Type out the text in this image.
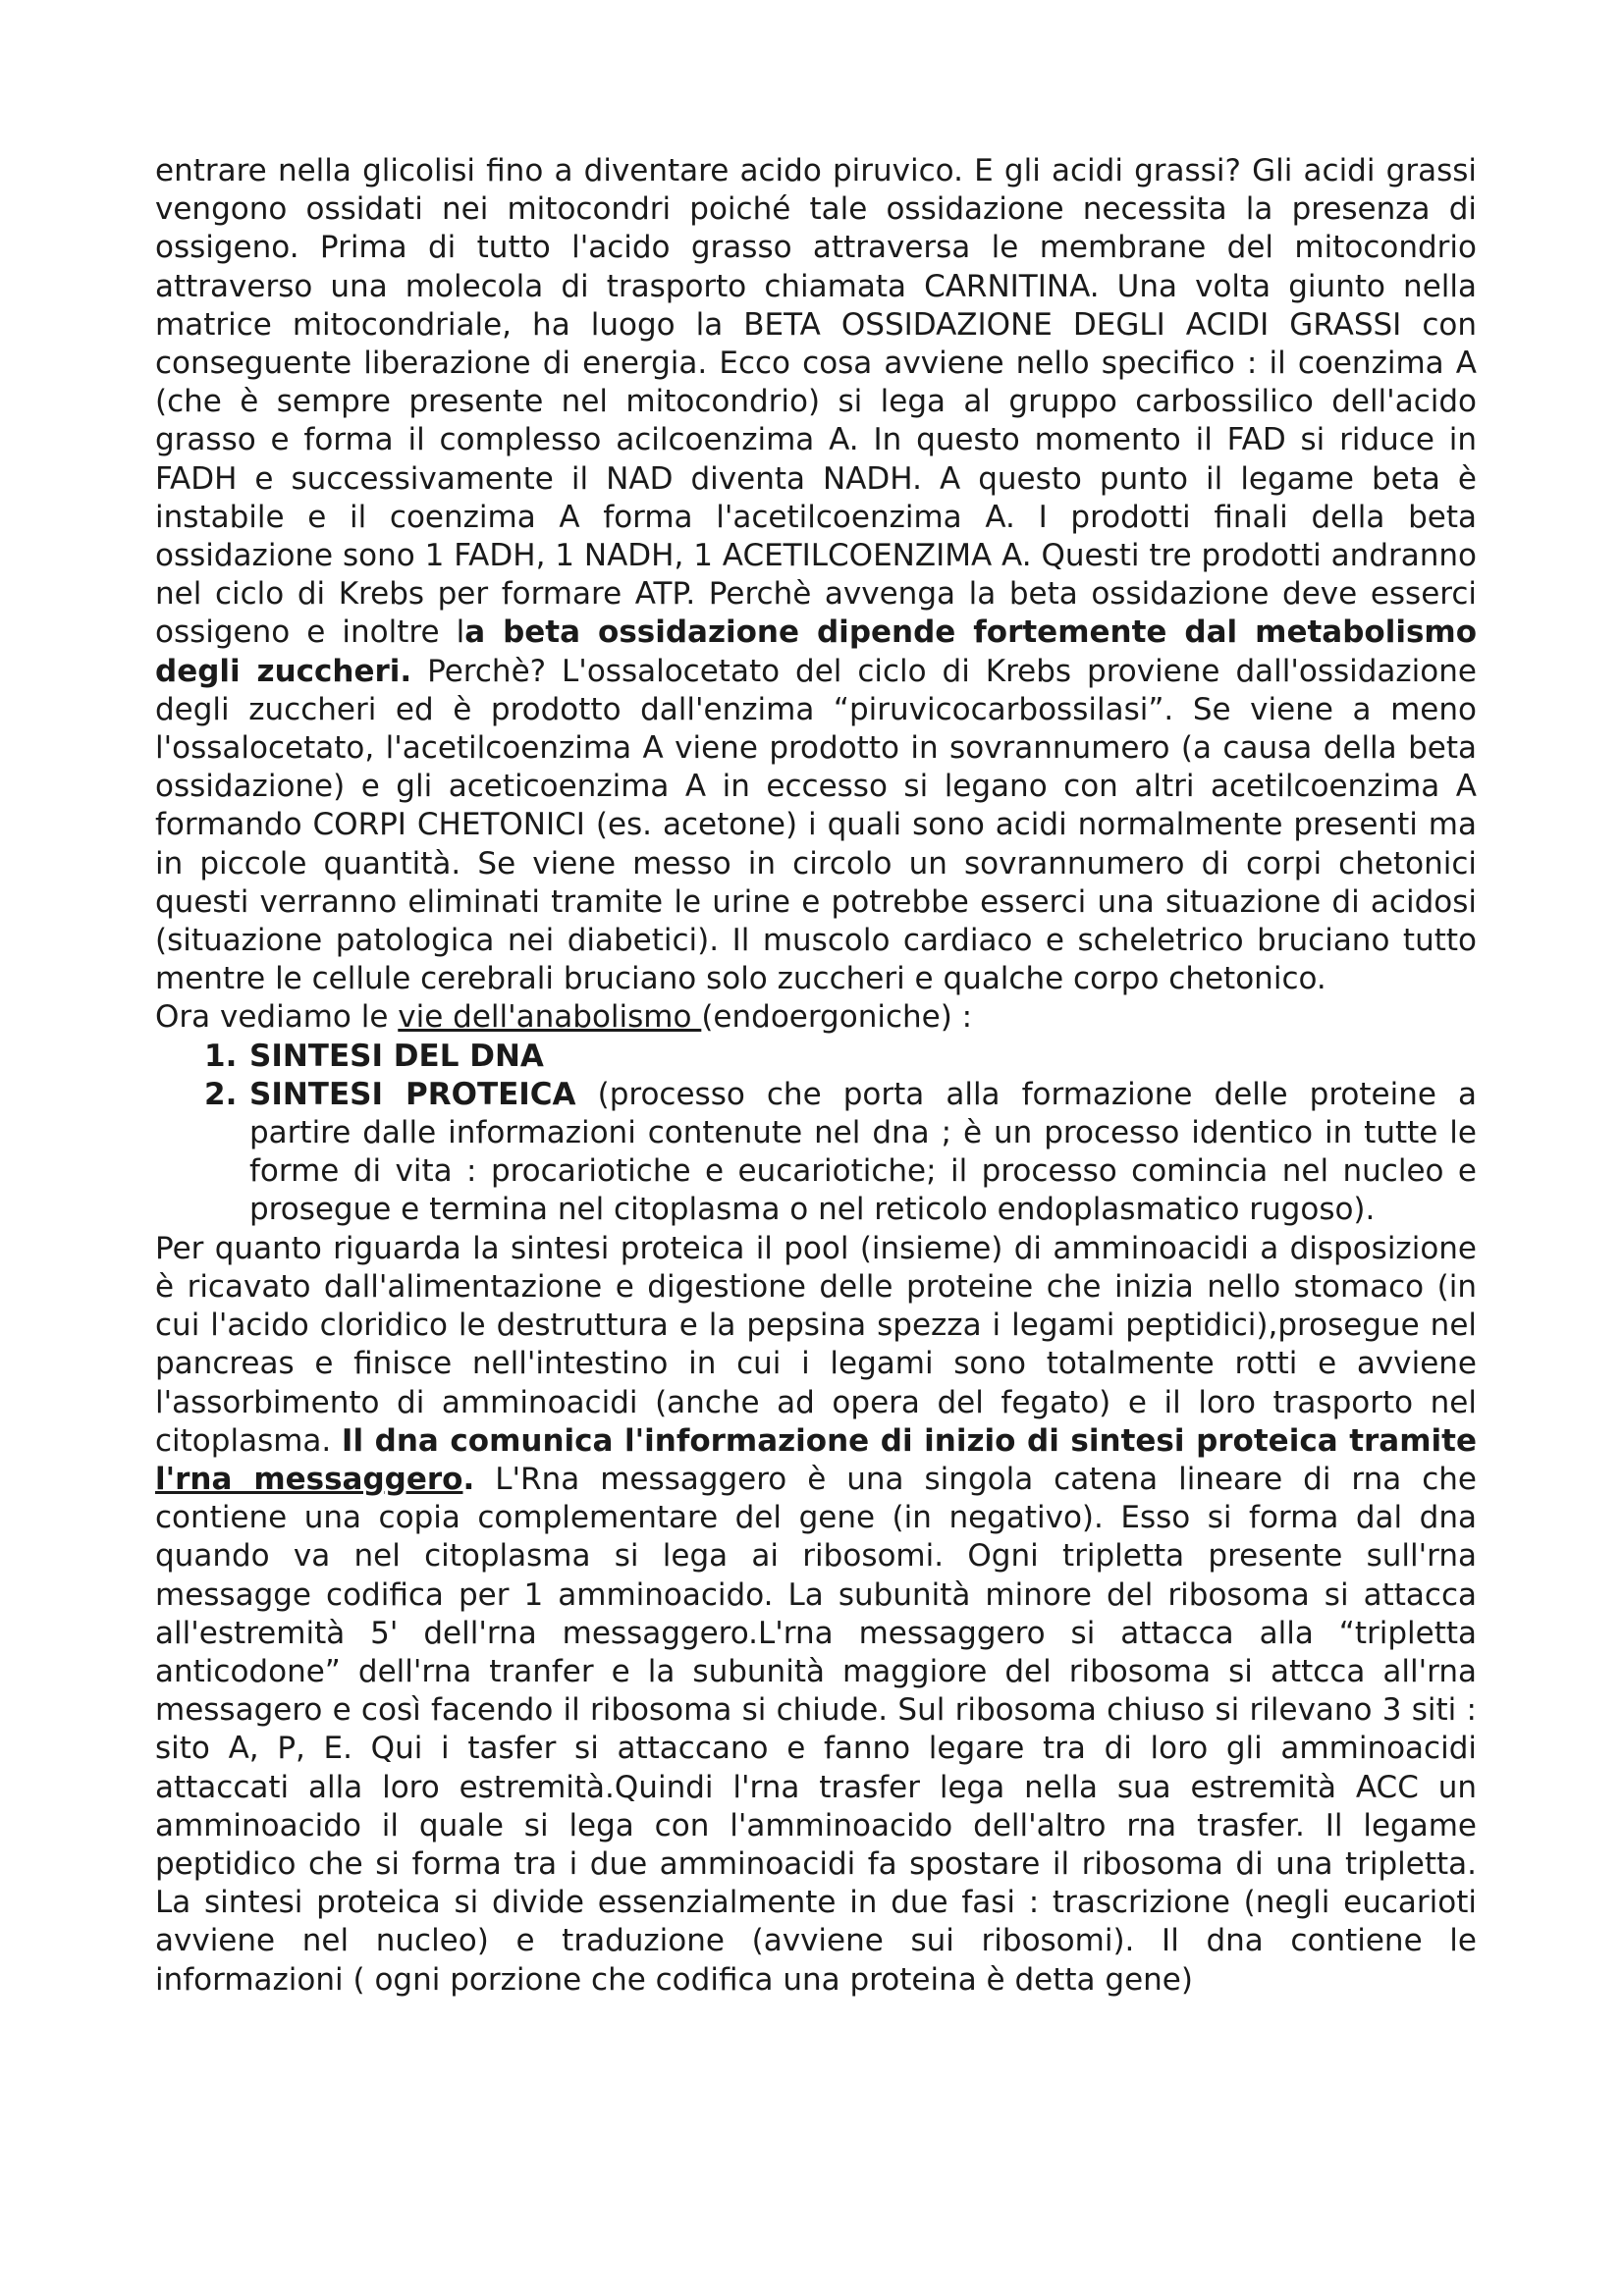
entrare nella glicolisi fino a diventare acido piruvico. E gli acidi grassi? Gli acidi grassi vengono ossidati nei mitocondri poiché tale ossidazione necessita la presenza di ossigeno. Prima di tutto l'acido grasso attraversa le membrane del mitocondrio attraverso una molecola di trasporto chiamata CARNITINA. Una volta giunto nella matrice mitocondriale, ha luogo la BETA OSSIDAZIONE DEGLI ACIDI GRASSI con conseguente liberazione di energia. Ecco cosa avviene nello specifico : il coenzima A (che è sempre presente nel mitocondrio) si lega al gruppo carbossilico dell'acido grasso e forma il complesso acilcoenzima A. In questo momento il FAD si riduce in FADH e successivamente il NAD diventa NADH. A questo punto il legame beta è instabile e il coenzima A forma l'acetilcoenzima A. I prodotti finali della beta ossidazione sono 1 FADH, 1 NADH, 1 ACETILCOENZIMA A. Questi tre prodotti andranno nel ciclo di Krebs per formare ATP. Perchè avvenga la beta ossidazione deve esserci ossigeno e inoltre la beta ossidazione dipende fortemente dal metabolismo degli zuccheri. Perchè? L'ossalocetato del ciclo di Krebs proviene dall'ossidazione degli zuccheri ed è prodotto dall'enzima “piruvicocarbossilasi”. Se viene a meno l'ossalocetato, l'acetilcoenzima A viene prodotto in sovrannumero (a causa della beta ossidazione) e gli aceticoenzima A in eccesso si legano con altri acetilcoenzima A formando CORPI CHETONICI (es. acetone) i quali sono acidi normalmente presenti ma in piccole quantità. Se viene messo in circolo un sovrannumero di corpi chetonici questi verranno eliminati tramite le urine e potrebbe esserci una situazione di acidosi (situazione patologica nei diabetici). Il muscolo cardiaco e scheletrico bruciano tutto mentre le cellule cerebrali bruciano solo zuccheri e qualche corpo chetonico.

Ora vediamo le vie dell'anabolismo (endoergoniche) :

1. SINTESI DEL DNA
2. SINTESI PROTEICA (processo che porta alla formazione delle proteine a partire dalle informazioni contenute nel dna ; è un processo identico in tutte le forme di vita : procariotiche e eucariotiche; il processo comincia nel nucleo e prosegue e termina nel citoplasma o nel reticolo endoplasmatico rugoso).

Per quanto riguarda la sintesi proteica il pool (insieme) di amminoacidi a disposizione è ricavato dall'alimentazione e digestione delle proteine che inizia nello stomaco (in cui l'acido cloridico le destruttura e la pepsina spezza i legami peptidici),prosegue nel pancreas e finisce nell'intestino in cui i legami sono totalmente rotti e avviene l'assorbimento di amminoacidi (anche ad opera del fegato) e il loro trasporto nel citoplasma. Il dna comunica l'informazione di inizio di sintesi proteica tramite l'rna messaggero. L'Rna messaggero è una singola catena lineare di rna che contiene una copia complementare del gene (in negativo). Esso si forma dal dna quando va nel citoplasma si lega ai ribosomi. Ogni tripletta presente sull'rna messagge codifica per 1 amminoacido. La subunità minore del ribosoma si attacca all'estremità 5' dell'rna messaggero.L'rna messaggero si attacca alla “tripletta anticodone” dell'rna tranfer e la subunità maggiore del ribosoma si attcca all'rna messagero e così facendo il ribosoma si chiude. Sul ribosoma chiuso si rilevano 3 siti : sito A, P, E. Qui i tasfer si attaccano e fanno legare tra di loro gli amminoacidi attaccati alla loro estremità.Quindi l'rna trasfer lega nella sua estremità ACC un amminoacido il quale si lega con l'amminoacido dell'altro rna trasfer. Il legame peptidico che si forma tra i due amminoacidi fa spostare il ribosoma di una tripletta. La sintesi proteica si divide essenzialmente in due fasi : trascrizione (negli eucarioti avviene nel nucleo) e traduzione (avviene sui ribosomi). Il dna contiene le informazioni ( ogni porzione che codifica una proteina è detta gene)
